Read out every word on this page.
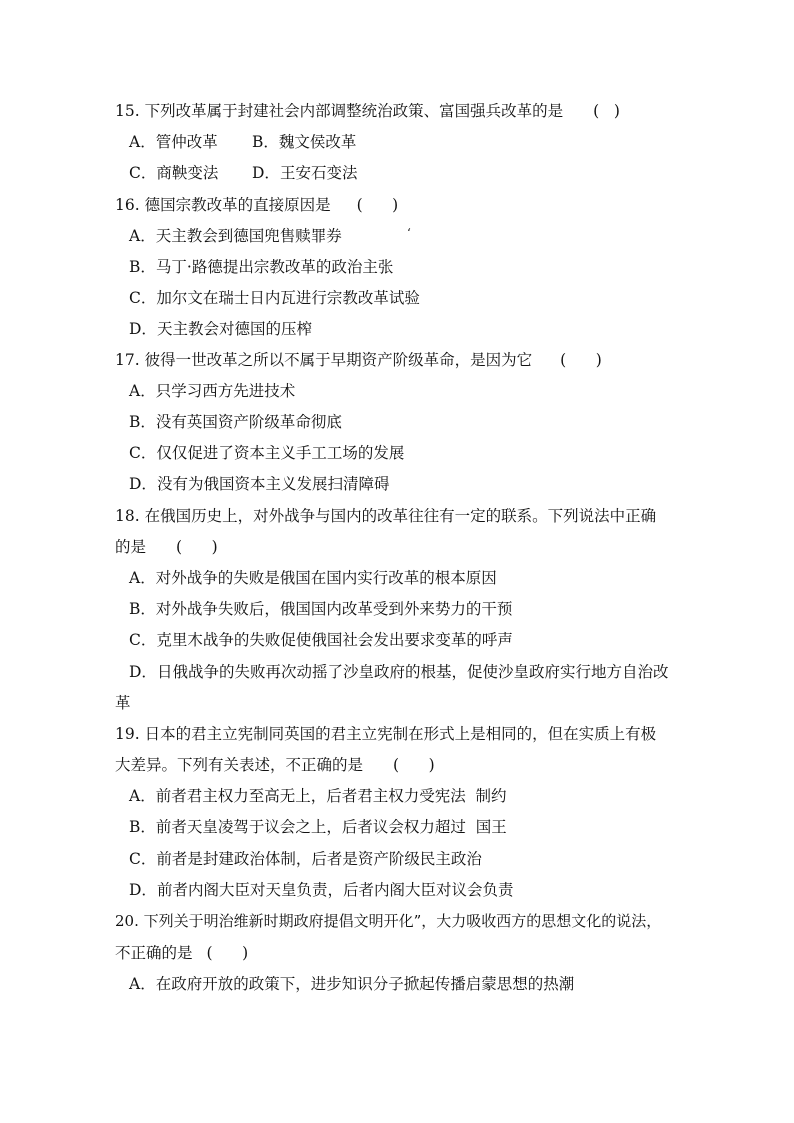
15. 下列改革属于封建社会内部调整统治政策、富国强兵改革的是 (   )
A．管仲改革 B．魏文侯改革
C．商鞅变法 D．王安石变法
16. 德国宗教改革的直接原因是 (      )
A．天主教会到德国兜售赎罪券	‘
B．马丁·路德提出宗教改革的政治主张
C．加尔文在瑞士日内瓦进行宗教改革试验
D．天主教会对德国的压榨
17. 彼得一世改革之所以不属于早期资产阶级革命，是因为它 (      )
A．只学习西方先进技术
B．没有英国资产阶级革命彻底
C．仅仅促进了资本主义手工工场的发展
D．没有为俄国资本主义发展扫清障碍
18. 在俄国历史上，对外战争与国内的改革往往有一定的联系。下列说法中正确
的是 (      )
A．对外战争的失败是俄国在国内实行改革的根本原因
B．对外战争失败后，俄国国内改革受到外来势力的干预
C．克里木战争的失败促使俄国社会发出要求变革的呼声
D．日俄战争的失败再次动摇了沙皇政府的根基，促使沙皇政府实行地方自治改
革
19. 日本的君主立宪制同英国的君主立宪制在形式上是相同的，但在实质上有极
大差异。下列有关表述，不正确的是 (      )
A．前者君主权力至高无上，后者君主权力受宪法  制约
B．前者天皇凌驾于议会之上，后者议会权力超过  国王
C．前者是封建政治体制，后者是资产阶级民主政治
D．前者内阁大臣对天皇负责，后者内阁大臣对议会负责
20. 下列关于明治维新时期政府提倡文明开化”，大力吸收西方的思想文化的说法，
不正确的是 (      )
A．在政府开放的政策下，进步知识分子掀起传播启蒙思想的热潮
